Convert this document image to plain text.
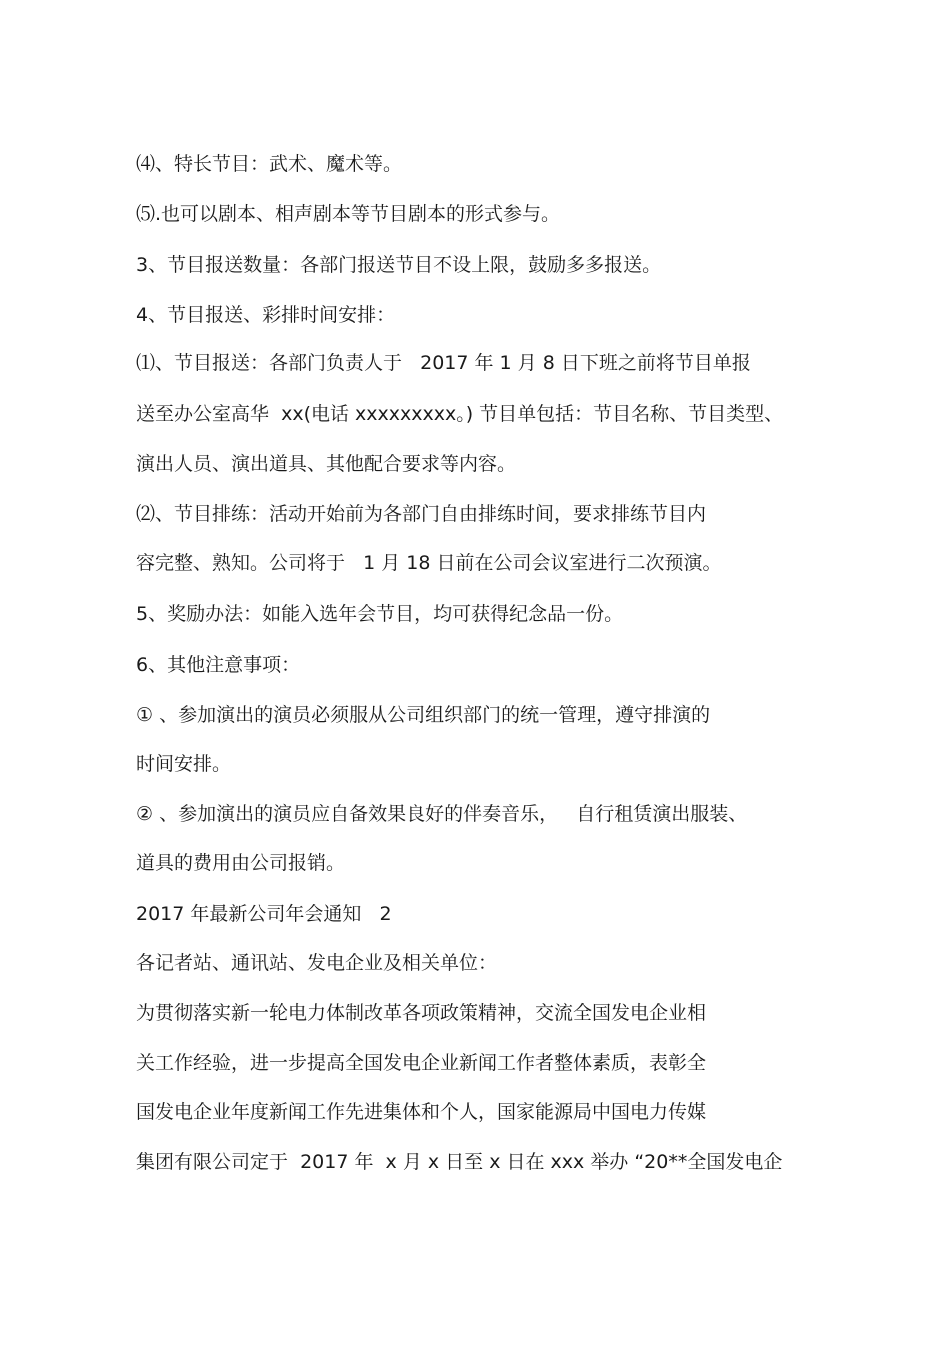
⑷、特长节目：武术、魔术等。
⑸.也可以剧本、相声剧本等节目剧本的形式参与。
3、节目报送数量：各部门报送节目不设上限，鼓励多多报送。
4、节目报送、彩排时间安排：
⑴、节目报送：各部门负责人于   2017 年 1 月 8 日下班之前将节目单报
送至办公室高华  xx(电话 xxxxxxxxx。) 节目单包括：节目名称、节目类型、
演出人员、演出道具、其他配合要求等内容。
⑵、节目排练：活动开始前为各部门自由排练时间，要求排练节目内
容完整、熟知。公司将于   1 月 18 日前在公司会议室进行二次预演。
5、奖励办法：如能入选年会节目，均可获得纪念品一份。
6、其他注意事项：
① 、参加演出的演员必须服从公司组织部门的统一管理，遵守排演的
时间安排。
② 、参加演出的演员应自备效果良好的伴奏音乐，   自行租赁演出服装、
道具的费用由公司报销。
2017 年最新公司年会通知   2
各记者站、通讯站、发电企业及相关单位：
为贯彻落实新一轮电力体制改革各项政策精神，交流全国发电企业相
关工作经验，进一步提高全国发电企业新闻工作者整体素质，表彰全
国发电企业年度新闻工作先进集体和个人，国家能源局中国电力传媒
集团有限公司定于  2017 年  x 月 x 日至 x 日在 xxx 举办 “20**全国发电企
